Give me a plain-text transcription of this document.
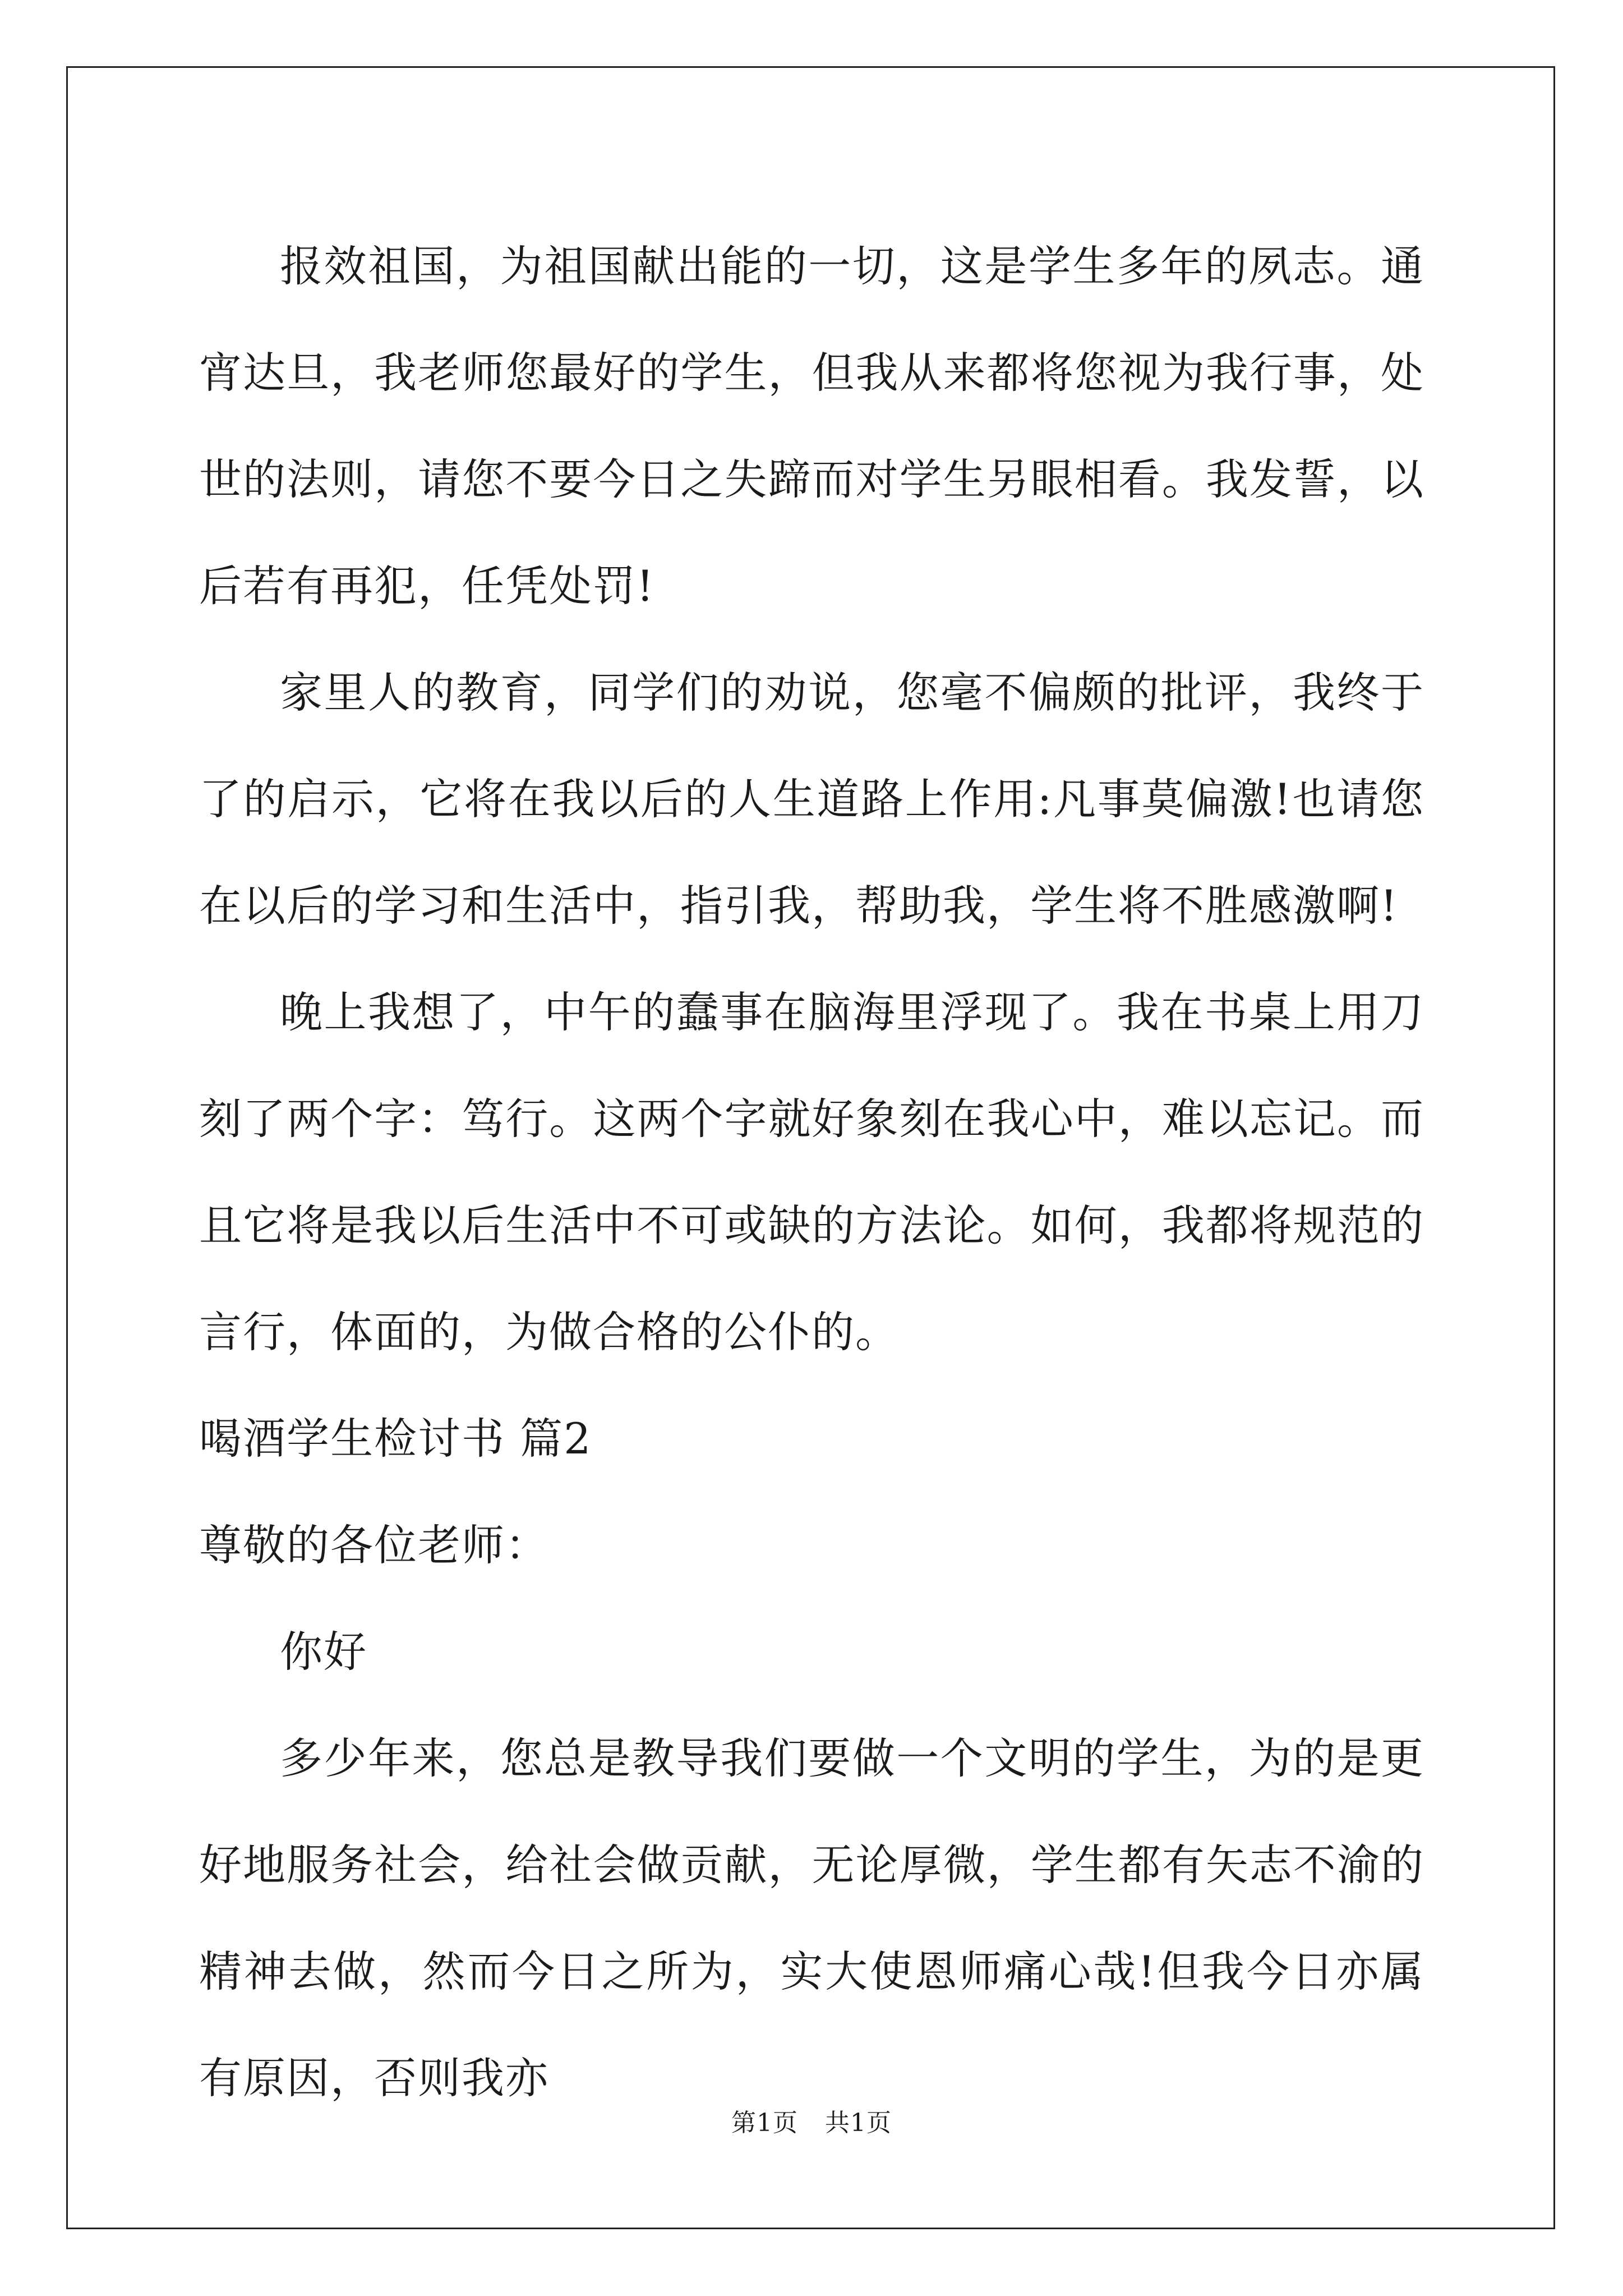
报效祖国，为祖国献出能的一切，这是学生多年的夙志。通宵达旦，我老师您最好的学生，但我从来都将您视为我行事，处世的法则，请您不要今日之失蹄而对学生另眼相看。我发誓，以后若有再犯，任凭处罚!

家里人的教育，同学们的劝说，您毫不偏颇的批评，我终于了的启示，它将在我以后的人生道路上作用:凡事莫偏激!也请您在以后的学习和生活中，指引我，帮助我，学生将不胜感激啊!

晚上我想了，中午的蠢事在脑海里浮现了。我在书桌上用刀刻了两个字：笃行。这两个字就好象刻在我心中，难以忘记。而且它将是我以后生活中不可或缺的方法论。如何，我都将规范的言行，体面的，为做合格的公仆的。

喝酒学生检讨书 篇2

尊敬的各位老师：

你好

多少年来，您总是教导我们要做一个文明的学生，为的是更好地服务社会，给社会做贡献，无论厚微，学生都有矢志不渝的精神去做，然而今日之所为，实大使恩师痛心哉!但我今日亦属有原因，否则我亦

第1页 共1页
